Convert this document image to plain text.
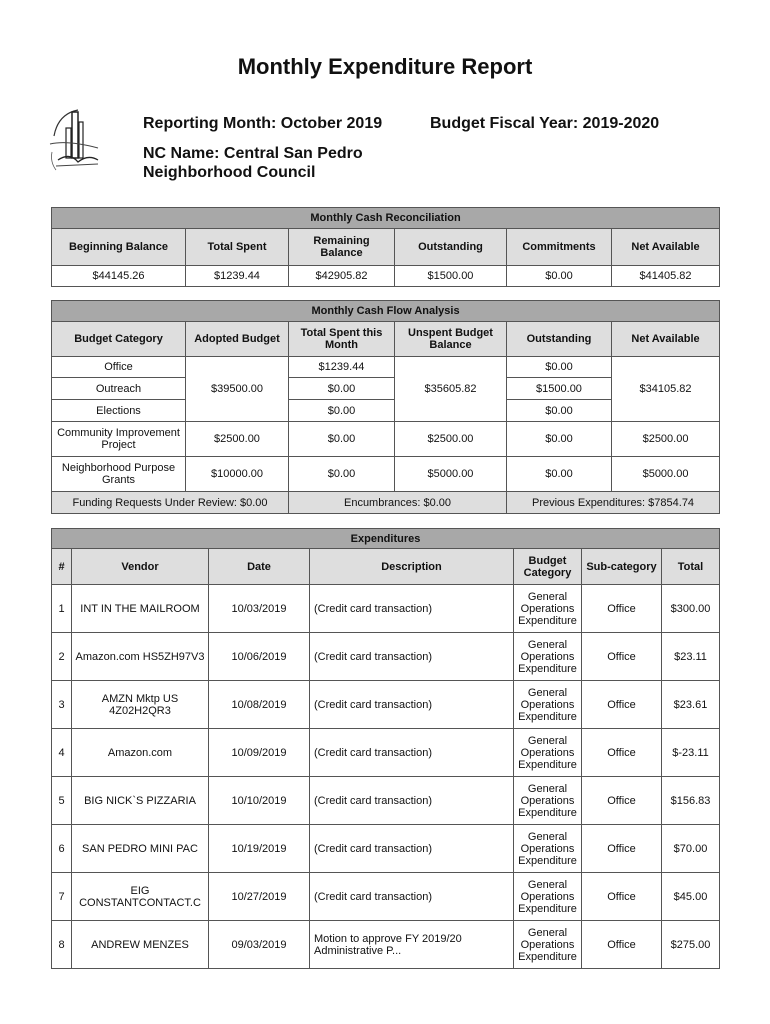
Monthly Expenditure Report
Reporting Month: October 2019	Budget Fiscal Year: 2019-2020
NC Name: Central San Pedro
Neighborhood Council
Monthly Cash Reconciliation					
Beginning Balance	Total Spent	Remaining Balance	Outstanding	Commitments	Net Available
$44145.26	$1239.44	$42905.82	$1500.00	$0.00	$41405.82
Monthly Cash Flow Analysis					
Budget Category	Adopted Budget	Total Spent this Month	Unspent Budget Balance	Outstanding	Net Available
Office	$39500.00	$1239.44	$35605.82	$0.00	$34105.82
Outreach		$0.00		$1500.00	
Elections		$0.00		$0.00	
Community Improvement Project	$2500.00	$0.00	$2500.00	$0.00	$2500.00
Neighborhood Purpose Grants	$10000.00	$0.00	$5000.00	$0.00	$5000.00
Funding Requests Under Review: $0.00		Encumbrances: $0.00		Previous Expenditures: $7854.74	
Expenditures						
#	Vendor	Date	Description	Budget Category	Sub-category	Total
1	INT IN THE MAILROOM	10/03/2019	(Credit card transaction)	General Operations Expenditure	Office	$300.00
2	Amazon.com HS5ZH97V3	10/06/2019	(Credit card transaction)	General Operations Expenditure	Office	$23.11
3	AMZN Mktp US 4Z02H2QR3	10/08/2019	(Credit card transaction)	General Operations Expenditure	Office	$23.61
4	Amazon.com	10/09/2019	(Credit card transaction)	General Operations Expenditure	Office	$-23.11
5	BIG NICK`S PIZZARIA	10/10/2019	(Credit card transaction)	General Operations Expenditure	Office	$156.83
6	SAN PEDRO MINI PAC	10/19/2019	(Credit card transaction)	General Operations Expenditure	Office	$70.00
7	EIG CONSTANTCONTACT.C	10/27/2019	(Credit card transaction)	General Operations Expenditure	Office	$45.00
8	ANDREW MENZES	09/03/2019	Motion to approve FY 2019/20 Administrative P...	General Operations Expenditure	Office	$275.00
